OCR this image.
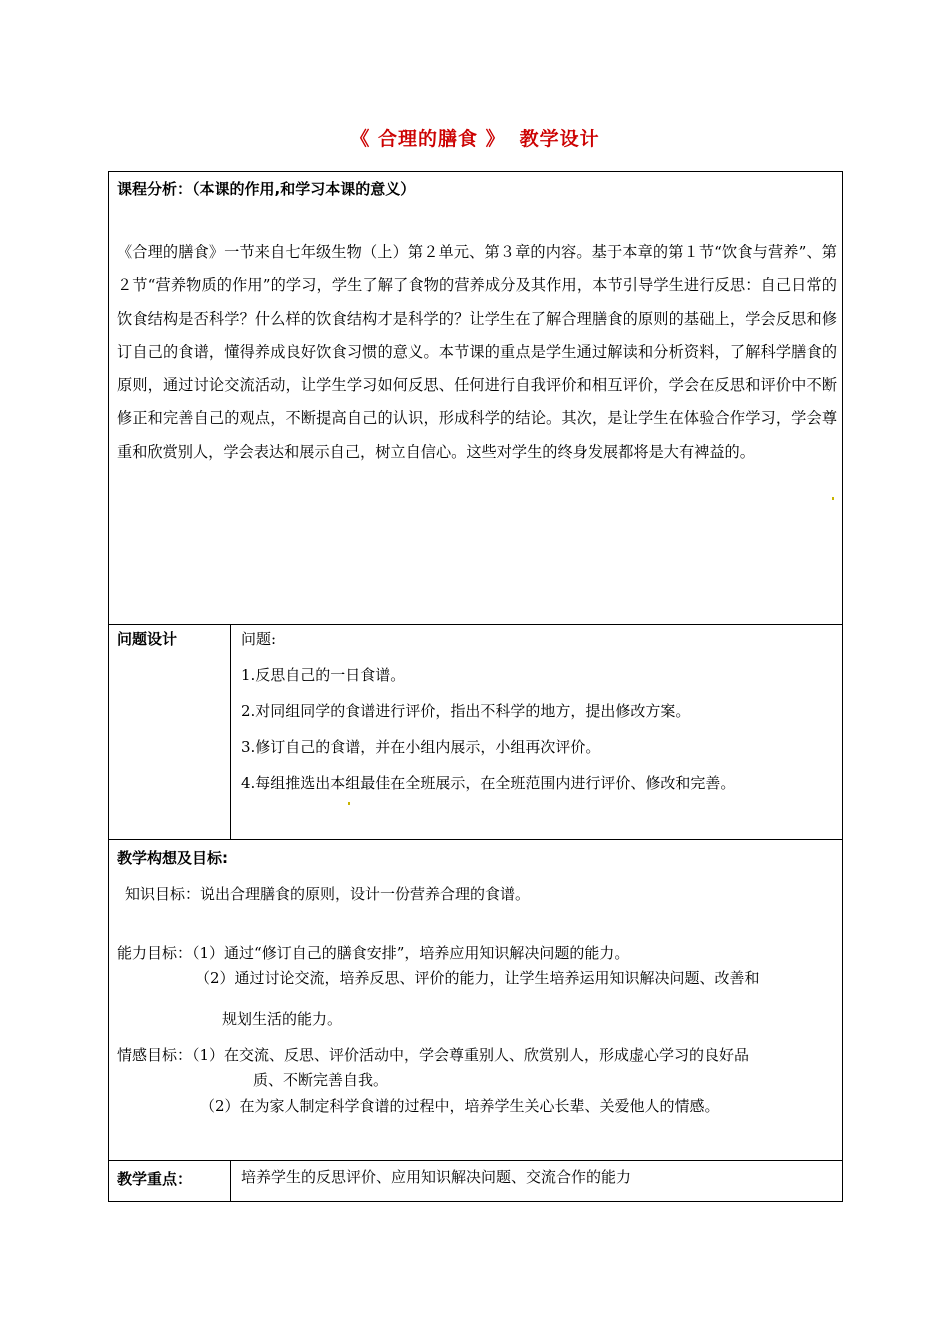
《 合理的膳食 》 教学设计
课程分析：（本课的作用,和学习本课的意义）
《合理的膳食》一节来自七年级生物（上）第２单元、第３章的内容。基于本章的第１节“饮食与营养”、第２节“营养物质的作用”的学习，学生了解了食物的营养成分及其作用，本节引导学生进行反思：自己日常的饮食结构是否科学？什么样的饮食结构才是科学的？让学生在了解合理膳食的原则的基础上，学会反思和修订自己的食谱，懂得养成良好饮食习惯的意义。本节课的重点是学生通过解读和分析资料，了解科学膳食的原则，通过讨论交流活动，让学生学习如何反思、任何进行自我评价和相互评价，学会在反思和评价中不断修正和完善自己的观点，不断提高自己的认识，形成科学的结论。其次，是让学生在体验合作学习，学会尊重和欣赏别人，学会表达和展示自己，树立自信心。这些对学生的终身发展都将是大有裨益的。
问题设计	问题:
1.反思自己的一日食谱。
2.对同组同学的食谱进行评价，指出不科学的地方，提出修改方案。
3.修订自己的食谱，并在小组内展示，小组再次评价。
4.每组推选出本组最佳在全班展示，在全班范围内进行评价、修改和完善。
教学构想及目标:
知识目标：说出合理膳食的原则，设计一份营养合理的食谱。
能力目标：（1）通过“修订自己的膳食安排”，培养应用知识解决问题的能力。
（2）通过讨论交流，培养反思、评价的能力，让学生培养运用知识解决问题、改善和
规划生活的能力。
情感目标：（1）在交流、反思、评价活动中，学会尊重别人、欣赏别人，形成虚心学习的良好品
质、不断完善自我。
（2）在为家人制定科学食谱的过程中，培养学生关心长辈、关爱他人的情感。
教学重点：	培养学生的反思评价、应用知识解决问题、交流合作的能力
